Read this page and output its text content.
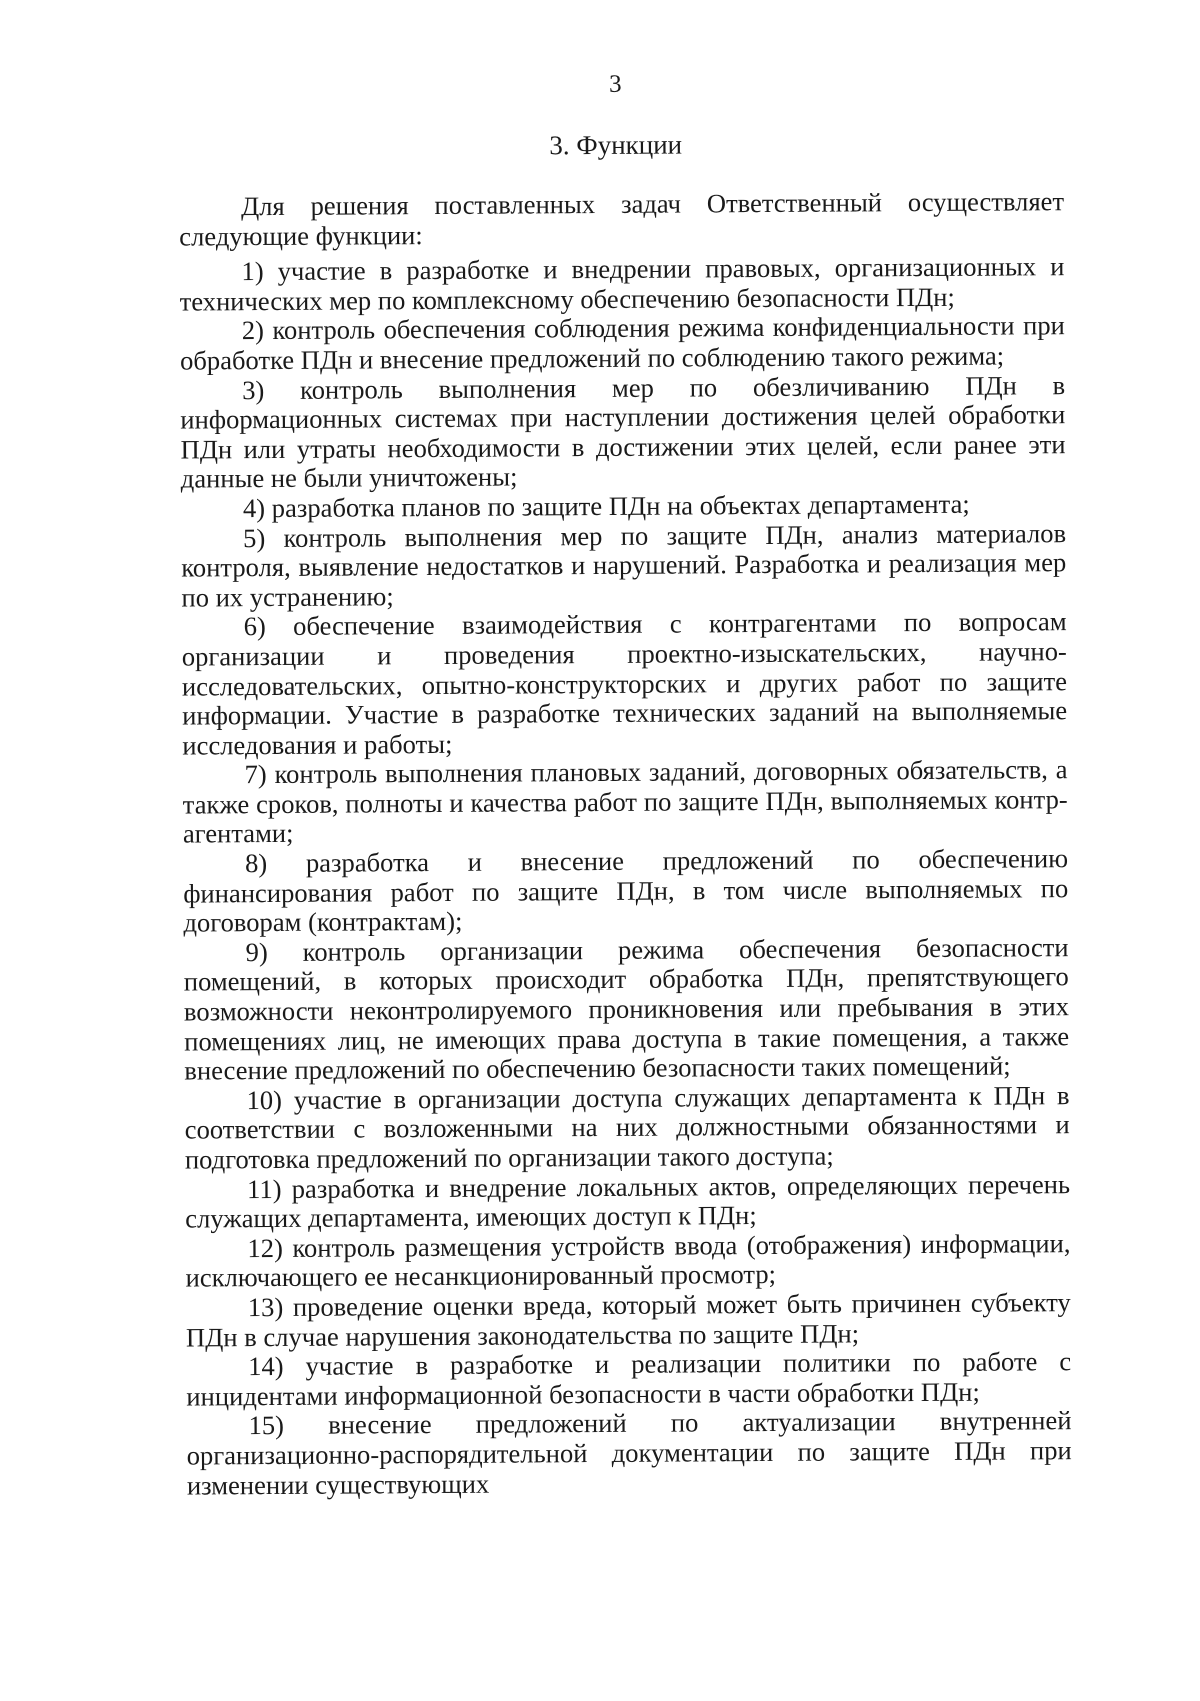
3
3. Функции

Для решения поставленных задач Ответственный осуществляет следующие функции:

1) участие в разработке и внедрении правовых, организационных и технических мер по комплексному обеспечению безопасности ПДн;

2) контроль обеспечения соблюдения режима конфиденциальности при обработке ПДн и внесение предложений по соблюдению такого режима;

3) контроль выполнения мер по обезличиванию ПДн в информационных системах при наступлении достижения целей обработки ПДн или утраты необходимости в достижении этих целей, если ранее эти данные не были уничтожены;

4) разработка планов по защите ПДн на объектах департамента;

5) контроль выполнения мер по защите ПДн, анализ материалов контроля, выявление недостатков и нарушений. Разработка и реализация мер по их устранению;

6) обеспечение взаимодействия с контрагентами по вопросам организации и проведения проектно-изыскательских, научно-исследовательских, опытно-конструкторских и других работ по защите информации. Участие в разработке технических заданий на выполняемые исследования и работы;

7) контроль выполнения плановых заданий, договорных обязательств, а также сроков, полноты и качества работ по защите ПДн, выполняемых контрагентами;

8) разработка и внесение предложений по обеспечению финансирования работ по защите ПДн, в том числе выполняемых по договорам (контрактам);

9) контроль организации режима обеспечения безопасности помещений, в которых происходит обработка ПДн, препятствующего возможности неконтролируемого проникновения или пребывания в этих помещениях лиц, не имеющих права доступа в такие помещения, а также внесение предложений по обеспечению безопасности таких помещений;

10) участие в организации доступа служащих департамента к ПДн в соответствии с возложенными на них должностными обязанностями и подготовка предложений по организации такого доступа;

11) разработка и внедрение локальных актов, определяющих перечень служащих департамента, имеющих доступ к ПДн;

12) контроль размещения устройств ввода (отображения) информации, исключающего ее несанкционированный просмотр;

13) проведение оценки вреда, который может быть причинен субъекту ПДн в случае нарушения законодательства по защите ПДн;

14) участие в разработке и реализации политики по работе с инцидентами информационной безопасности в части обработки ПДн;

15) внесение предложений по актуализации внутренней организационно-распорядительной документации по защите ПДн при изменении существующих
